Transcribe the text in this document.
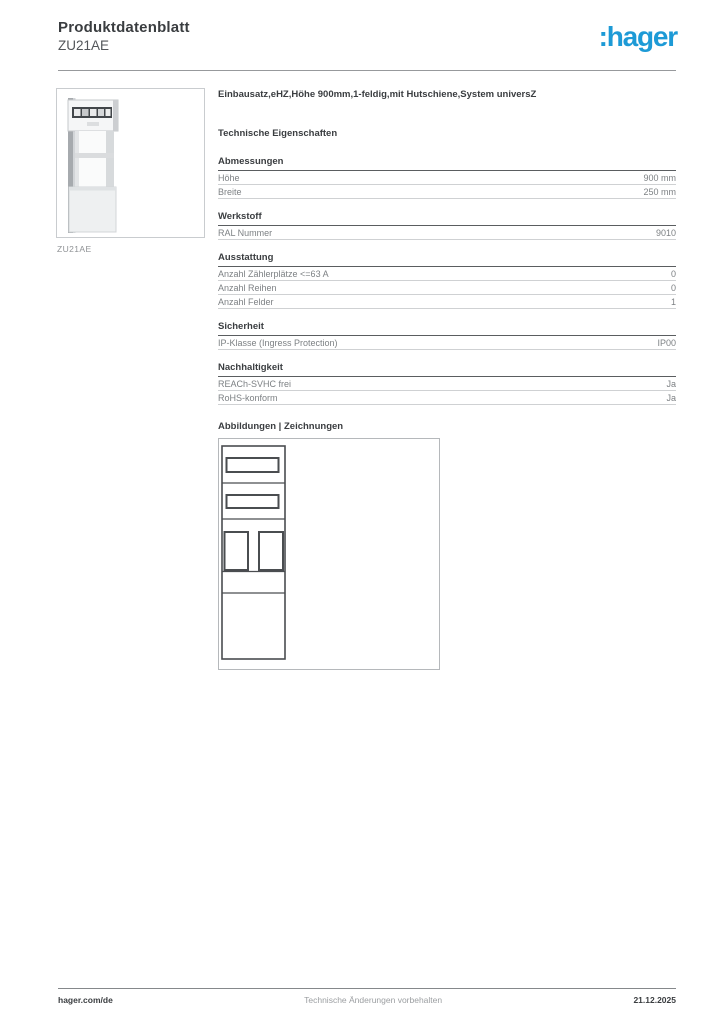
Produktdatenblatt
ZU21AE	:hager
ZU21AE
Einbausatz,eHZ,Höhe 900mm,1-feldig,mit Hutschiene,System universZ
Technische Eigenschaften
Abmessungen
Höhe	900 mm
Breite	250 mm
Werkstoff
RAL Nummer	9010
Ausstattung
Anzahl Zählerplätze <=63 A	0
Anzahl Reihen	0
Anzahl Felder	1
Sicherheit
IP-Klasse (Ingress Protection)	IP00
Nachhaltigkeit
REACh-SVHC frei	Ja
RoHS-konform	Ja
Abbildungen | Zeichnungen
hager.com/de	Technische Änderungen vorbehalten	21.12.2025
